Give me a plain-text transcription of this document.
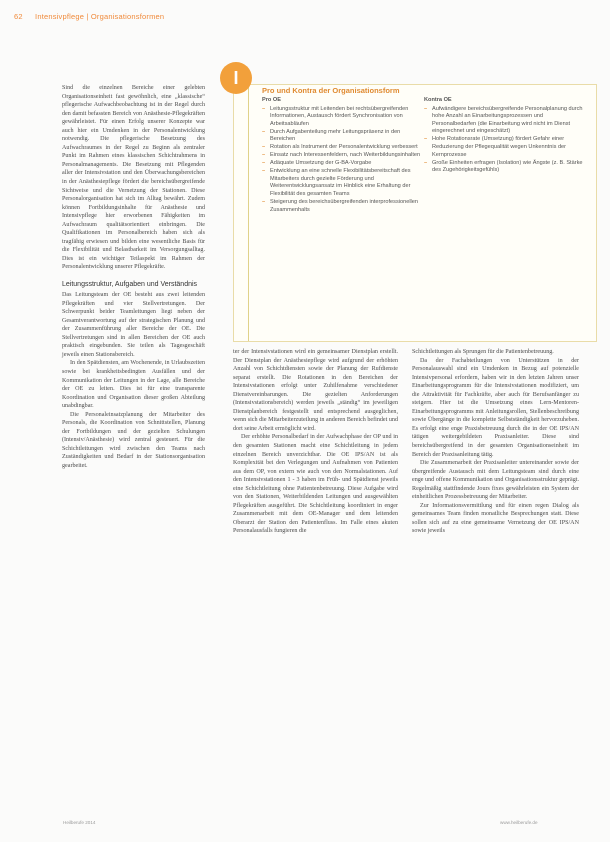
62 Intensivpflege | Organisationsformen
Pro und Kontra der Organisationsform
Pro OE
– Leitungsstruktur mit Leitenden bei rechtsübergreifenden Informationen, Austausch fördert Synchronisation von Arbeitsabläufen
– Durch Aufgabenteilung mehr Leitungspräsenz in den Bereichen
– Rotation als Instrument der Personalentwicklung verbessert
– Einsatz nach Interessenfeldern, nach Weiterbildungsinhalten
– Adäquate Umsetzung der G-BA-Vorgabe
– Entwicklung an eine schnelle Flexibilitätsbereitschaft des Mitarbeiters durch gezielte Förderung und Weiterentwicklungsansatz im Hinblick eine Erhaltung der Flexibilität des gesamten Teams
– Steigerung des bereichsübergreifenden interprofessionellen Zusammenhalts
Kontra OE
– Aufwändigere bereichsübergreifende Personalplanung durch hohe Anzahl an Einarbeitungsprozessen und Personalbedarfen (die Einarbeitung wird nicht im Dienst eingerechnet und eingeschätzt)
– Hohe Rotationsrate (Umsetzung) fördert Gefahr einer Reduzierung der Pflegequalität wegen Unkenntnis der Kernprozesse
– Große Einheiten erfragen (Isolation) wie Ängste (z. B. Stärke des Zugehörigkeitsgefühls)
I

Sind die einzelnen Bereiche einer gelebten Organisationseinheit fast gewöhnlich, eine „klassische“ pflegerische Aufwachbeobachtung ist in der Regel durch den damit befassten Bereich von Anästhesie-Pflegekräften gewährleistet. Für einen Erfolg unserer Konzepte war auch hier ein Umdenken in der Personalentwicklung notwendig. Die pflegerische Besetzung des Aufwachraumes in der Regel zu Beginn als zentraler Punkt im Rahmen eines klassischen Schichtrahmens in Personalmanagements. Die Besetzung mit Pflegenden aller der Intensivstation und den Überwachungsbereichen in der Anästhesiepflege fördert die bereichsübergreifende Sichtweise und die Vernetzung der Stationen. Diese Personalorganisation hat sich im Alltag bewährt. Zudem können Fortbildungsinhalte für Anästhesie und Intensivpflege hier erworbenen Fähigkeiten im Aufwachraum qualitätsorientiert einbringen. Die Qualifikationen im Personalbereich haben sich als tragfähig erwiesen und bilden eine wesentliche Basis für die Flexibilität und Belastbarkeit im Versorgungsalltag. Dies ist ein wichtiger Teilaspekt im Rahmen der Personalentwicklung unserer Pflegekräfte.

Leitungsstruktur, Aufgaben und Verständnis

Das Leitungsteam der OE besteht aus zwei leitenden Pflegekräften und vier Stellvertretungen. Der Schwerpunkt beider Teamleitungen liegt neben der Gesamtverantwortung auf der strategischen Planung und der Zusammenführung aller Bereiche der OE. Die Stellvertretungen sind in allen Bereichen der OE auch praktisch eingebunden. Sie teilen als Tagesgeschäft jeweils einen Stationsbereich.

In den Spätdiensten, am Wochenende, in Urlaubszeiten sowie bei krankheitsbedingten Ausfällen und der Kommunikation der Leitungen in der Lage, alle Bereiche der OE zu leiten. Dies ist für eine transparente Koordination und Organisation dieser großen Abteilung unabdingbar.

Die Personaleinsatzplanung der Mitarbeiter des Personals, die Koordination von Schnittstellen, Planung der Fortbildungen und der gezielten Schulungen (Intensiv/Anästhesie) wird zentral gesteuert. Für die Schichtleitungen wird zwischen den Teams nach Zuständigkeiten und Bedarf in der Stationsorganisation gearbeitet.

ter der Intensivstationen wird ein gemeinsamer Dienstplan erstellt. Der Dienstplan der Anästhesiepflege wird aufgrund der erhöhten Anzahl von Schichtdiensten sowie der Planung der Rufdienste separat erstellt. Die Rotationen in den Bereichen der Intensivstationen erfolgt unter Zuhilfenahme verschiedener Dienstvereinbarungen. Die gezielten Anforderungen (Intensivstationsbereich) werden jeweils „ständig“ im jeweiligen Dienstplanbereich festgestellt und entsprechend ausgeglichen, wenn sich die Mitarbeiterzuteilung in anderen Bereich befindet und dort seine Arbeit ermöglicht wird.

Der erhöhte Personalbedarf in der Aufwachphase der OP und in den gesamten Stationen macht eine Schichtleitung in jedem einzelnen Bereich unverzichtbar. Die OE IPS/AN ist als Komplexität bei den Verlegungen und Aufnahmen von Patienten aus dem OP, von extern wie auch von den Normalstationen. Auf den Intensivstationen 1 - 3 haben im Früh- und Spätdienst jeweils eine Schichtleitung ohne Patientenbetreuung. Diese Aufgabe wird von den Stationen, Weiterbildenden Leitungen und ausgewählten Pflegekräften ausgeführt. Die Schichtleitung koordiniert in enger Zusammenarbeit mit dem OE-Manager und dem leitenden Oberarzt der Station den Patientenfluss. Im Falle eines akuten Personalausfalls fungieren die

Schichtleitungen als Sprungen für die Patientenbetreuung.

Da der Fachabteilungen von Unterstützen in der Personalauswahl sind ein Umdenken in Bezug auf potenzielle Intensivpersonal erfordern, haben wir in den letzten Jahren unser Einarbeitungsprogramm für die Intensivstationen modifiziert, um die Attraktivität für Fachkräfte, aber auch für Berufsanfänger zu steigern. Hier ist die Umsetzung eines Lern-Mentoren-Einarbeitungsprogramms mit Anleitungsrollen, Stellenbeschreibung sowie Übergänge in die komplette Selbstständigkeit hervorzuheben. Es erfolgt eine enge Praxisbetreuung durch die in der OE IPS/AN tätigen weitergebildeten Praxisanleiter. Diese sind bereichsübergreifend in der gesamten Organisationseinheit im Bereich der Praxisanleitung tätig.

Die Zusammenarbeit der Praxisanleiter untereinander sowie der übergreifende Austausch mit dem Leitungsteam sind durch eine enge und offene Kommunikation und Organisationsstruktur geprägt. Regelmäßig stattfindende Jours fixes gewährleisten ein System der einheitlichen Prozessbetreuung der Mitarbeiter.

Zur Informationsvermittlung und für einen regen Dialog als gemeinsames Team finden monatliche Besprechungen statt. Diese sollen sich auf zu eine gemeinsame Vernetzung der OE IPS/AN sowie jeweils

Heilberufe 2014	www.heilberufe.de
